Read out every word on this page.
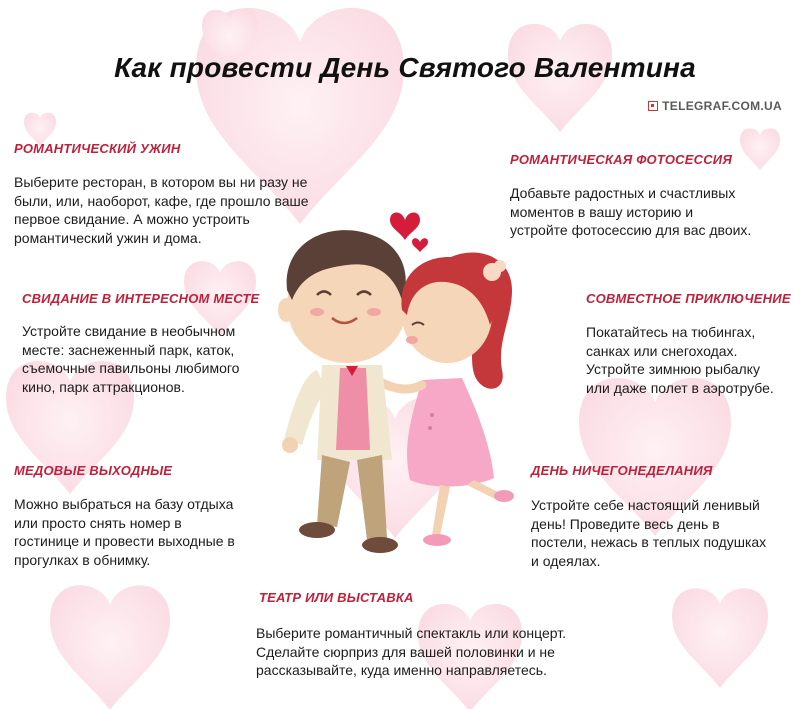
Как провести День Святого Валентина
TELEGRAF.COM.UA
РОМАНТИЧЕСКИЙ УЖИН
Выберите ресторан, в котором вы ни разу не
были, или, наоборот, кафе, где прошло ваше
первое свидание. А можно устроить
романтический ужин и дома.
РОМАНТИЧЕСКАЯ ФОТОСЕССИЯ
Добавьте радостных и счастливых
моментов в вашу историю и
устройте фотосессию для вас двоих.
СВИДАНИЕ В ИНТЕРЕСНОМ МЕСТЕ
Устройте свидание в необычном
месте: заснеженный парк, каток,
съемочные павильоны любимого
кино, парк аттракционов.
СОВМЕСТНОЕ ПРИКЛЮЧЕНИЕ
Покатайтесь на тюбингах,
санках или снегоходах.
Устройте зимнюю рыбалку
или даже полет в аэротрубе.
МЕДОВЫЕ ВЫХОДНЫЕ
Можно выбраться на базу отдыха
или просто снять номер в
гостинице и провести выходные в
прогулках в обнимку.
ДЕНЬ НИЧЕГОНЕДЕЛАНИЯ
Устройте себе настоящий ленивый
день! Проведите весь день в
постели, нежась в теплых подушках
и одеялах.
ТЕАТР ИЛИ ВЫСТАВКА
Выберите романтичный спектакль или концерт.
Сделайте сюрприз для вашей половинки и не
рассказывайте, куда именно направляетесь.
